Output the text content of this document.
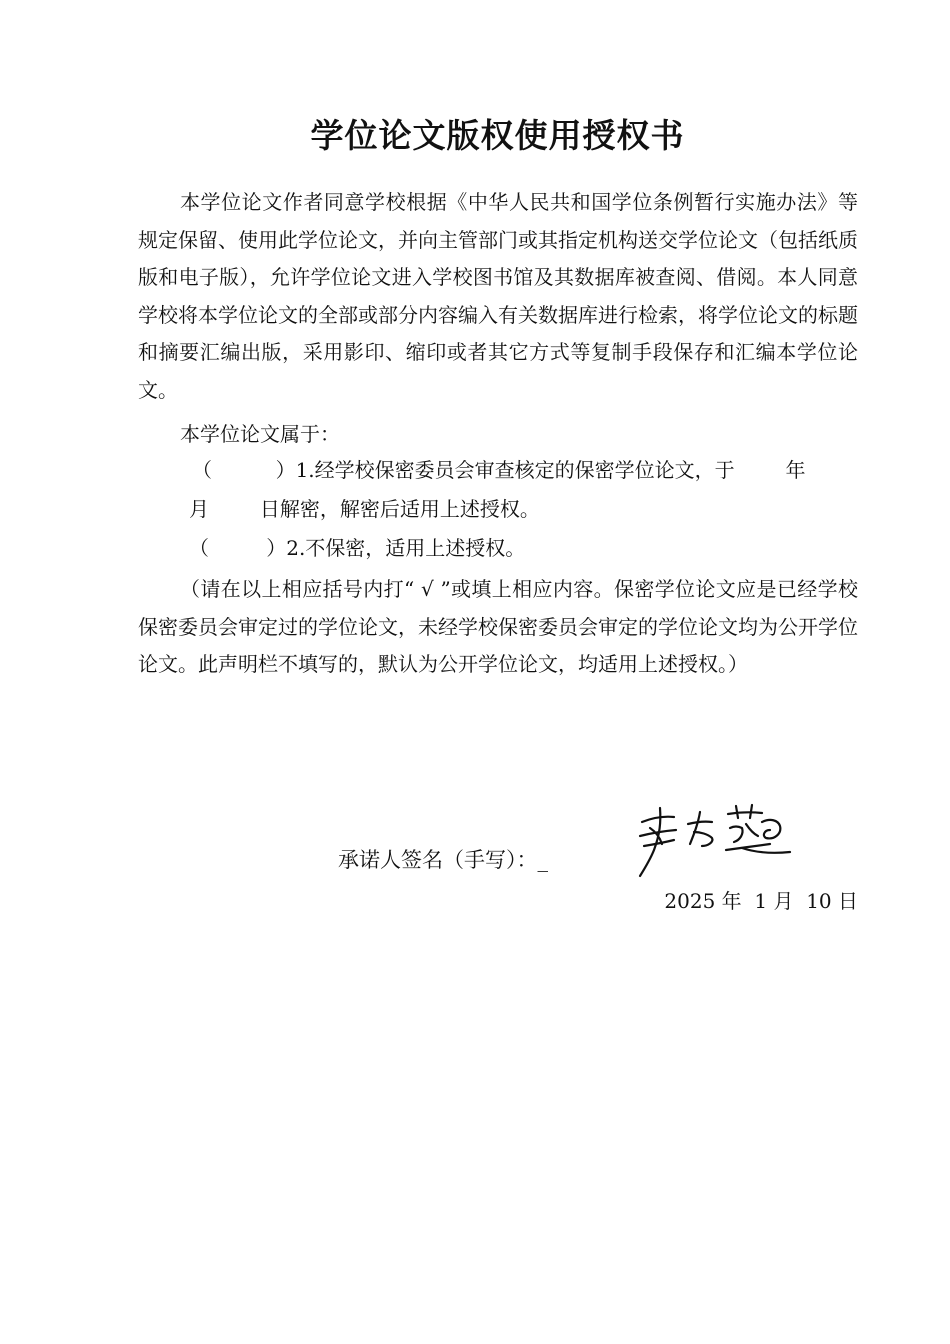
学位论文版权使用授权书

本学位论文作者同意学校根据《中华人民共和国学位条例暂行实施办法》等规定保留、使用此学位论文，并向主管部门或其指定机构送交学位论文（包括纸质版和电子版），允许学位论文进入学校图书馆及其数据库被查阅、借阅。本人同意学校将本学位论文的全部或部分内容编入有关数据库进行检索，将学位论文的标题和摘要汇编出版，采用影印、缩印或者其它方式等复制手段保存和汇编本学位论文。

本学位论文属于：

（          ）1.经学校保密委员会审查核定的保密学位论文，于        年

月        日解密，解密后适用上述授权。

（         ）2.不保密，适用上述授权。

（请在以上相应括号内打“ √ ”或填上相应内容。保密学位论文应是已经学校保密委员会审定过的学位论文，未经学校保密委员会审定的学位论文均为公开学位论文。此声明栏不填写的，默认为公开学位论文，均适用上述授权。）

承诺人签名（手写）：_
2025 年  1 月  10 日
